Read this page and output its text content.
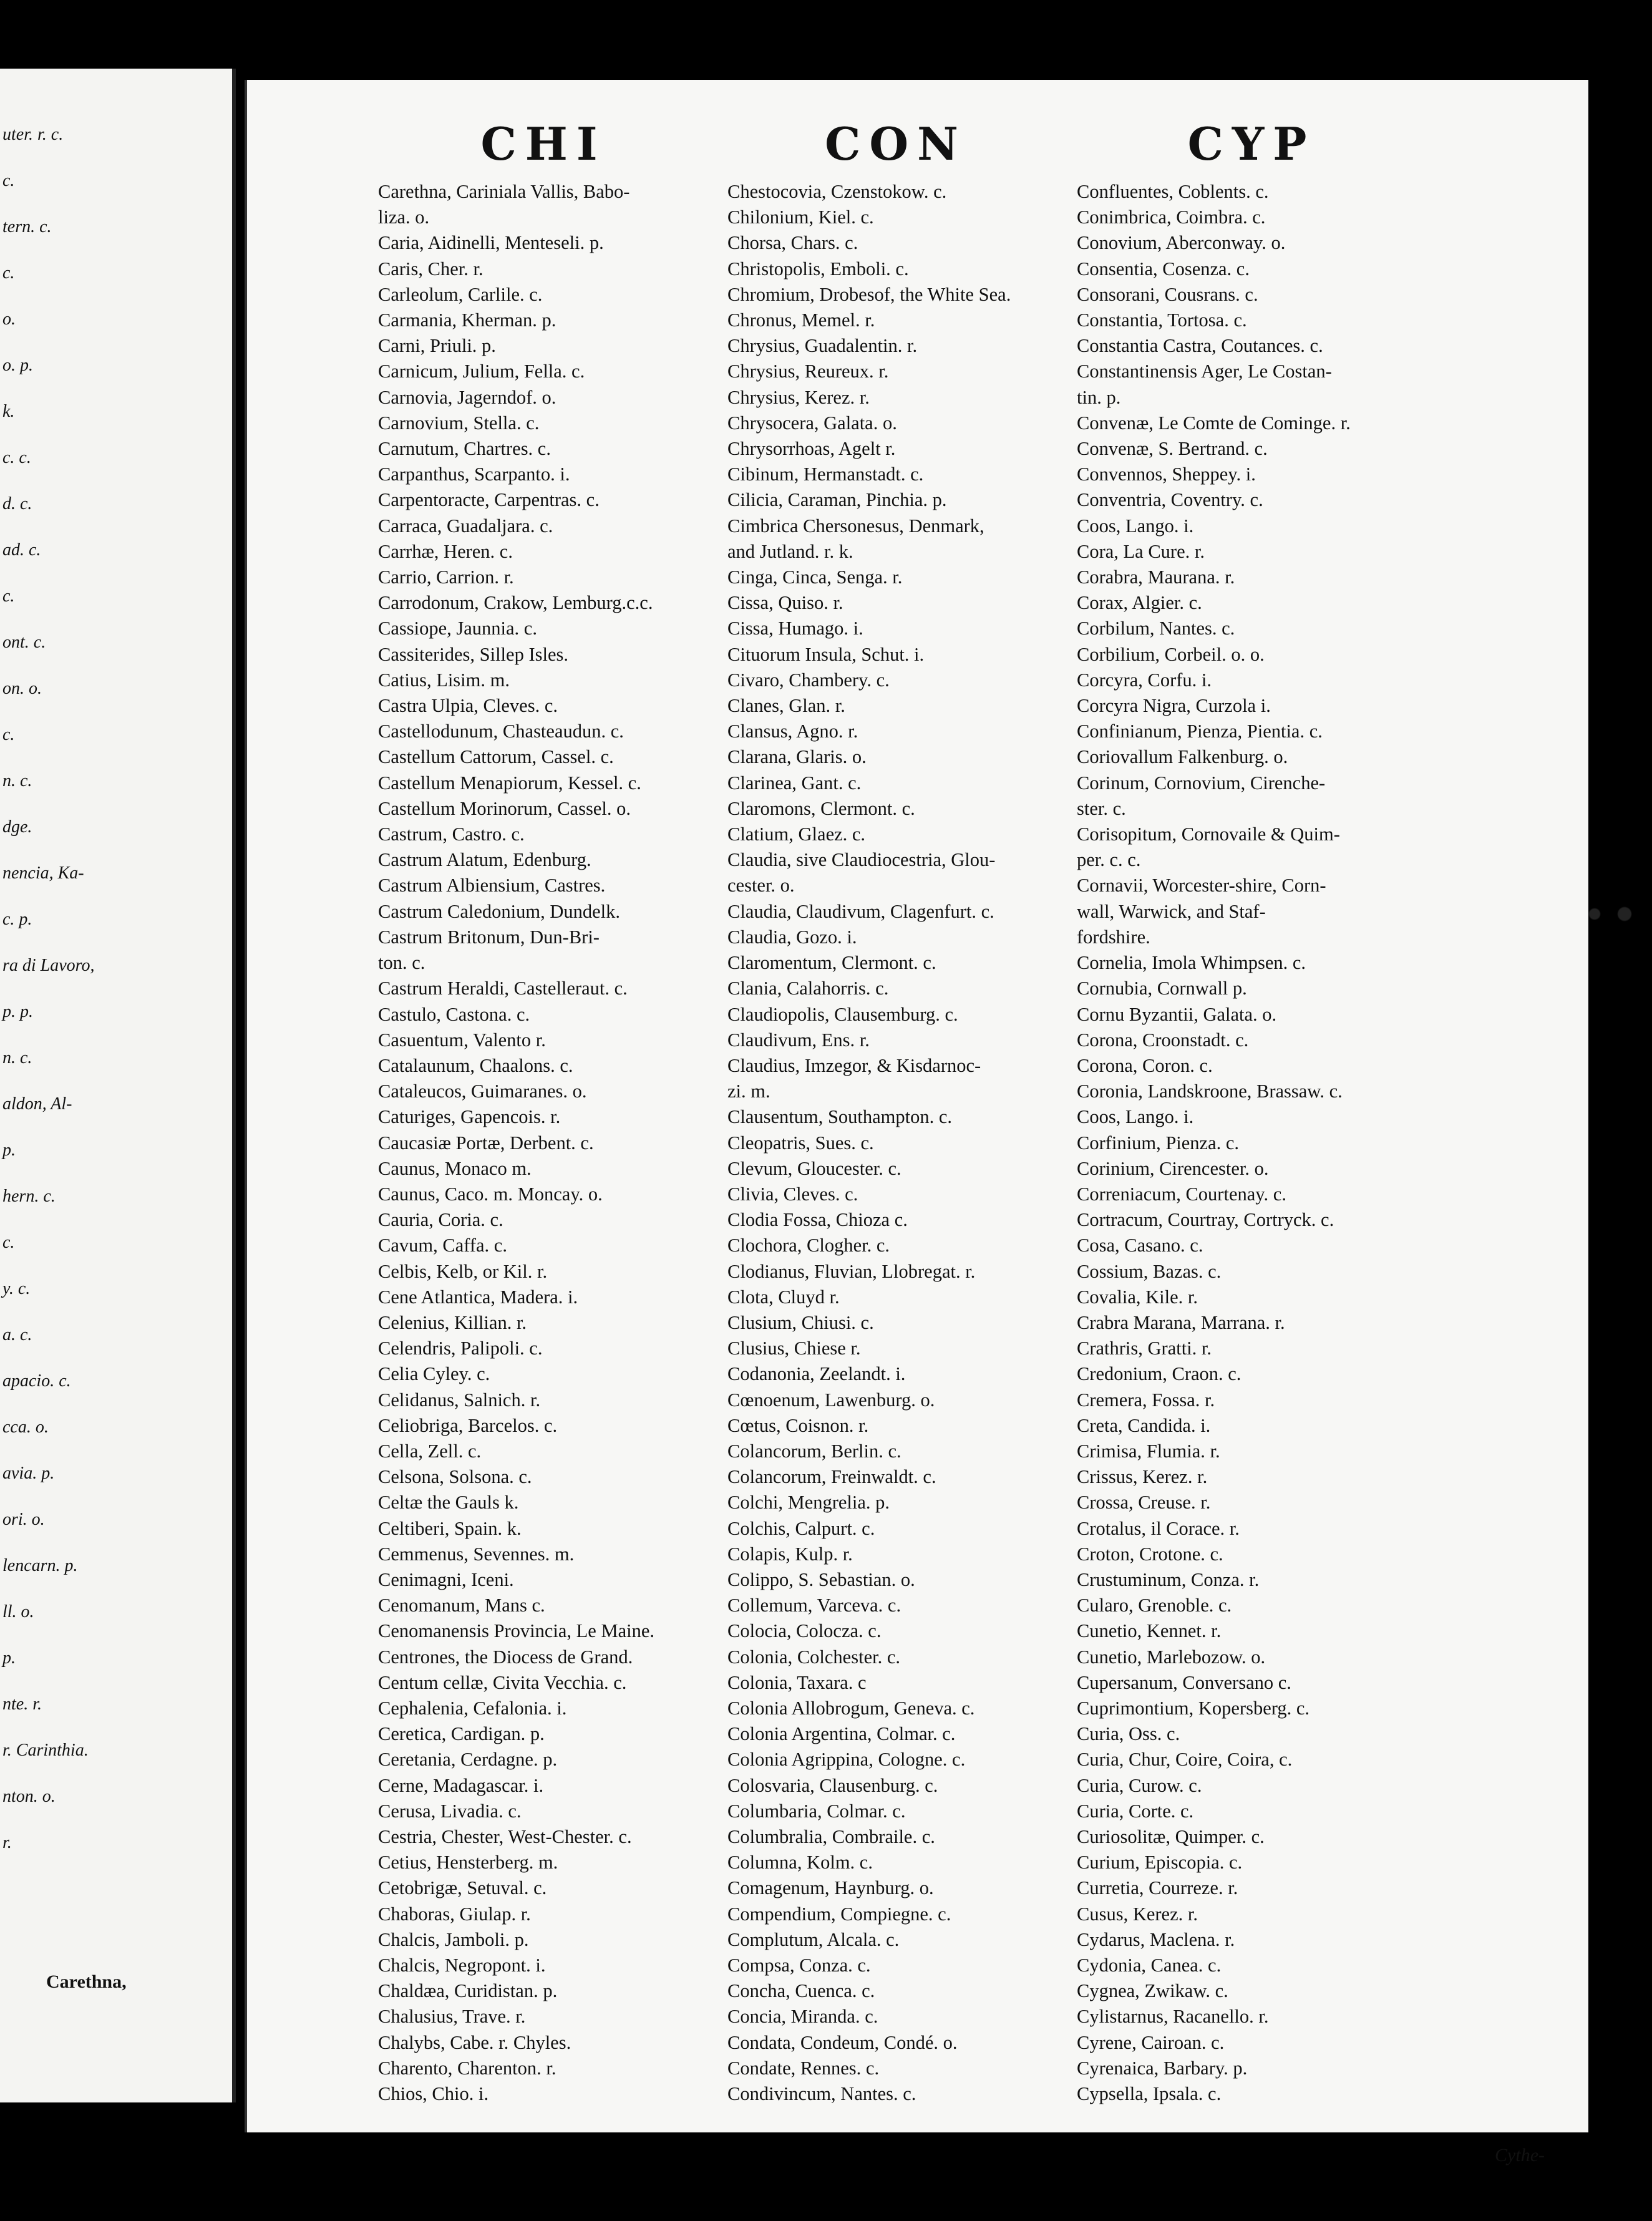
uter. r. c.
c.
tern. c.
c.
o.
o. p.
k.
c. c.
d. c.
ad. c.
c.
ont. c.
on. o.
c.
n. c.
dge.
nencia, Ka-
c. p.
ra di Lavoro,
p. p.
n. c.
aldon, Al-
p.
hern. c.
c.
y. c.
a. c.
apacio. c.
cca. o.
avia. p.
ori. o.
lencarn. p.
ll. o.
p.
nte. r.
r. Carinthia.
nton. o.
r.
Carethna,
CHI
Carethna, Cariniala Vallis, Babo-
liza. o.
Caria, Aidinelli, Menteseli. p.
Caris, Cher. r.
Carleolum, Carlile. c.
Carmania, Kherman. p.
Carni, Priuli. p.
Carnicum, Julium, Fella. c.
Carnovia, Jagerndof. o.
Carnovium, Stella. c.
Carnutum, Chartres. c.
Carpanthus, Scarpanto. i.
Carpentoracte, Carpentras. c.
Carraca, Guadaljara. c.
Carrhæ, Heren. c.
Carrio, Carrion. r.
Carrodonum, Crakow, Lemburg.c.c.
Cassiope, Jaunnia. c.
Cassiterides, Sillep Isles.
Catius, Lisim. m.
Castra Ulpia, Cleves. c.
Castellodunum, Chasteaudun. c.
Castellum Cattorum, Cassel. c.
Castellum Menapiorum, Kessel. c.
Castellum Morinorum, Cassel. o.
Castrum, Castro. c.
Castrum Alatum, Edenburg.
Castrum Albiensium, Castres.
Castrum Caledonium, Dundelk.
Castrum Britonum, Dun-Bri-
ton. c.
Castrum Heraldi, Castelleraut. c.
Castulo, Castona. c.
Casuentum, Valento r.
Catalaunum, Chaalons. c.
Cataleucos, Guimaranes. o.
Caturiges, Gapencois. r.
Caucasiæ Portæ, Derbent. c.
Caunus, Monaco m.
Caunus, Caco. m. Moncay. o.
Cauria, Coria. c.
Cavum, Caffa. c.
Celbis, Kelb, or Kil. r.
Cene Atlantica, Madera. i.
Celenius, Killian. r.
Celendris, Palipoli. c.
Celia Cyley. c.
Celidanus, Salnich. r.
Celiobriga, Barcelos. c.
Cella, Zell. c.
Celsona, Solsona. c.
Celtæ the Gauls k.
Celtiberi, Spain. k.
Cemmenus, Sevennes. m.
Cenimagni, Iceni.
Cenomanum, Mans c.
Cenomanensis Provincia, Le Maine.
Centrones, the Diocess de Grand.
Centum cellæ, Civita Vecchia. c.
Cephalenia, Cefalonia. i.
Ceretica, Cardigan. p.
Ceretania, Cerdagne. p.
Cerne, Madagascar. i.
Cerusa, Livadia. c.
Cestria, Chester, West-Chester. c.
Cetius, Hensterberg. m.
Cetobrigæ, Setuval. c.
Chaboras, Giulap. r.
Chalcis, Jamboli. p.
Chalcis, Negropont. i.
Chaldæa, Curidistan. p.
Chalusius, Trave. r.
Chalybs, Cabe. r. Chyles.
Charento, Charenton. r.
Chios, Chio. i.
CON
Chestocovia, Czenstokow. c.
Chilonium, Kiel. c.
Chorsa, Chars. c.
Christopolis, Emboli. c.
Chromium, Drobesof, the White Sea.
Chronus, Memel. r.
Chrysius, Guadalentin. r.
Chrysius, Reureux. r.
Chrysius, Kerez. r.
Chrysocera, Galata. o.
Chrysorrhoas, Agelt r.
Cibinum, Hermanstadt. c.
Cilicia, Caraman, Pinchia. p.
Cimbrica Chersonesus, Denmark,
and Jutland. r. k.
Cinga, Cinca, Senga. r.
Cissa, Quiso. r.
Cissa, Humago. i.
Cituorum Insula, Schut. i.
Civaro, Chambery. c.
Clanes, Glan. r.
Clansus, Agno. r.
Clarana, Glaris. o.
Clarinea, Gant. c.
Claromons, Clermont. c.
Clatium, Glaez. c.
Claudia, sive Claudiocestria, Glou-
cester. o.
Claudia, Claudivum, Clagenfurt. c.
Claudia, Gozo. i.
Claromentum, Clermont. c.
Clania, Calahorris. c.
Claudiopolis, Clausemburg. c.
Claudivum, Ens. r.
Claudius, Imzegor, & Kisdarnoc-
zi. m.
Clausentum, Southampton. c.
Cleopatris, Sues. c.
Clevum, Gloucester. c.
Clivia, Cleves. c.
Clodia Fossa, Chioza c.
Clochora, Clogher. c.
Clodianus, Fluvian, Llobregat. r.
Clota, Cluyd r.
Clusium, Chiusi. c.
Clusius, Chiese r.
Codanonia, Zeelandt. i.
Cœnoenum, Lawenburg. o.
Cœtus, Coisnon. r.
Colancorum, Berlin. c.
Colancorum, Freinwaldt. c.
Colchi, Mengrelia. p.
Colchis, Calpurt. c.
Colapis, Kulp. r.
Colippo, S. Sebastian. o.
Collemum, Varceva. c.
Colocia, Colocza. c.
Colonia, Colchester. c.
Colonia, Taxara. c
Colonia Allobrogum, Geneva. c.
Colonia Argentina, Colmar. c.
Colonia Agrippina, Cologne. c.
Colosvaria, Clausenburg. c.
Columbaria, Colmar. c.
Columbralia, Combraile. c.
Columna, Kolm. c.
Comagenum, Haynburg. o.
Compendium, Compiegne. c.
Complutum, Alcala. c.
Compsa, Conza. c.
Concha, Cuenca. c.
Concia, Miranda. c.
Condata, Condeum, Condé. o.
Condate, Rennes. c.
Condivincum, Nantes. c.
CYP
Confluentes, Coblents. c.
Conimbrica, Coimbra. c.
Conovium, Aberconway. o.
Consentia, Cosenza. c.
Consorani, Cousrans. c.
Constantia, Tortosa. c.
Constantia Castra, Coutances. c.
Constantinensis Ager, Le Costan-
tin. p.
Convenæ, Le Comte de Cominge. r.
Convenæ, S. Bertrand. c.
Convennos, Sheppey. i.
Conventria, Coventry. c.
Coos, Lango. i.
Cora, La Cure. r.
Corabra, Maurana. r.
Corax, Algier. c.
Corbilum, Nantes. c.
Corbilium, Corbeil. o. o.
Corcyra, Corfu. i.
Corcyra Nigra, Curzola i.
Confinianum, Pienza, Pientia. c.
Coriovallum Falkenburg. o.
Corinum, Cornovium, Cirenche-
ster. c.
Corisopitum, Cornovaile & Quim-
per. c. c.
Cornavii, Worcester-shire, Corn-
wall, Warwick, and Staf-
fordshire.
Cornelia, Imola Whimpsen. c.
Cornubia, Cornwall p.
Cornu Byzantii, Galata. o.
Corona, Croonstadt. c.
Corona, Coron. c.
Coronia, Landskroone, Brassaw. c.
Coos, Lango. i.
Corfinium, Pienza. c.
Corinium, Cirencester. o.
Correniacum, Courtenay. c.
Cortracum, Courtray, Cortryck. c.
Cosa, Casano. c.
Cossium, Bazas. c.
Covalia, Kile. r.
Crabra Marana, Marrana. r.
Crathris, Gratti. r.
Credonium, Craon. c.
Cremera, Fossa. r.
Creta, Candida. i.
Crimisa, Flumia. r.
Crissus, Kerez. r.
Crossa, Creuse. r.
Crotalus, il Corace. r.
Croton, Crotone. c.
Crustuminum, Conza. r.
Cularo, Grenoble. c.
Cunetio, Kennet. r.
Cunetio, Marlebozow. o.
Cupersanum, Conversano c.
Cuprimontium, Kopersberg. c.
Curia, Oss. c.
Curia, Chur, Coire, Coira, c.
Curia, Curow. c.
Curia, Corte. c.
Curiosolitæ, Quimper. c.
Curium, Episcopia. c.
Curretia, Courreze. r.
Cusus, Kerez. r.
Cydarus, Maclena. r.
Cydonia, Canea. c.
Cygnea, Zwikaw. c.
Cylistarnus, Racanello. r.
Cyrene, Cairoan. c.
Cyrenaica, Barbary. p.
Cypsella, Ipsala. c.
Cythe-
